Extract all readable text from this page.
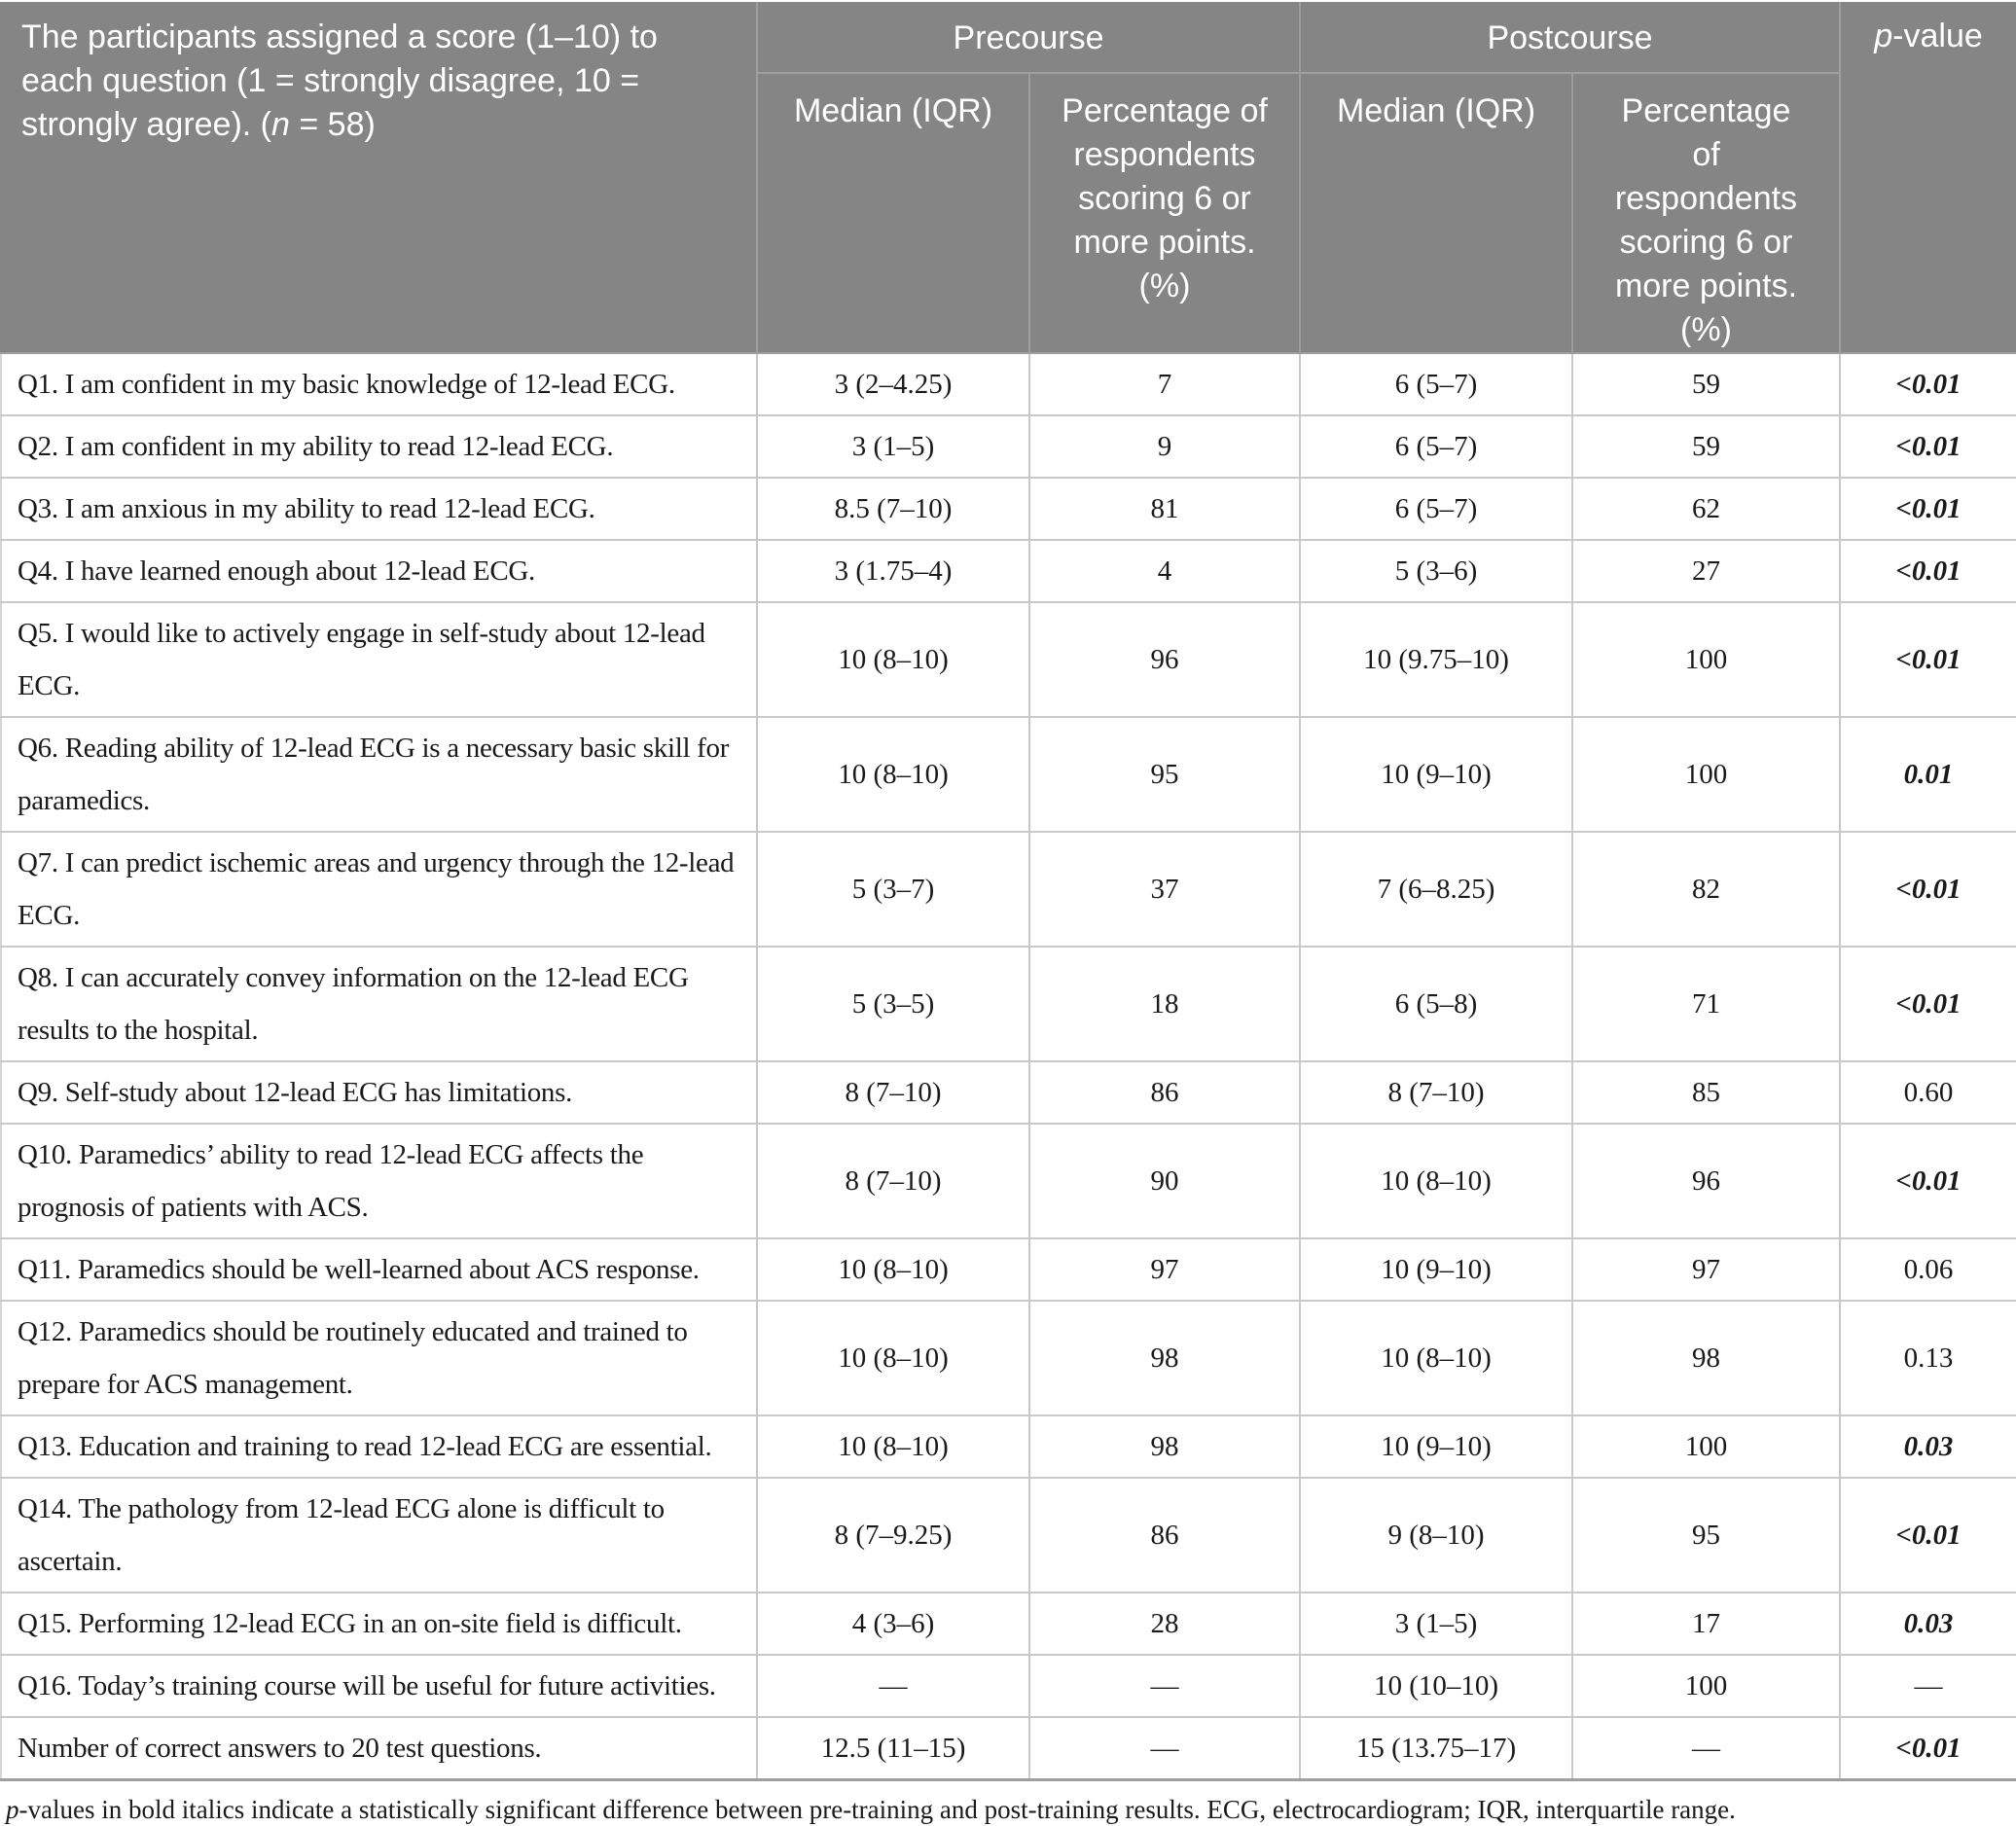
The participants assigned a score (1–10) to each question (1 = strongly disagree, 10 = strongly agree). (n = 58)	Precourse		Postcourse		p-value
	Median (IQR)	Percentage of respondents scoring 6 or more points. (%)	Median (IQR)	Percentage of respondents scoring 6 or more points. (%)	
Q1. I am confident in my basic knowledge of 12-lead ECG.	3 (2–4.25)	7	6 (5–7)	59	<0.01
Q2. I am confident in my ability to read 12-lead ECG.	3 (1–5)	9	6 (5–7)	59	<0.01
Q3. I am anxious in my ability to read 12-lead ECG.	8.5 (7–10)	81	6 (5–7)	62	<0.01
Q4. I have learned enough about 12-lead ECG.	3 (1.75–4)	4	5 (3–6)	27	<0.01
Q5. I would like to actively engage in self-study about 12-lead ECG.	10 (8–10)	96	10 (9.75–10)	100	<0.01
Q6. Reading ability of 12-lead ECG is a necessary basic skill for paramedics.	10 (8–10)	95	10 (9–10)	100	0.01
Q7. I can predict ischemic areas and urgency through the 12-lead ECG.	5 (3–7)	37	7 (6–8.25)	82	<0.01
Q8. I can accurately convey information on the 12-lead ECG results to the hospital.	5 (3–5)	18	6 (5–8)	71	<0.01
Q9. Self-study about 12-lead ECG has limitations.	8 (7–10)	86	8 (7–10)	85	0.60
Q10. Paramedics’ ability to read 12-lead ECG affects the prognosis of patients with ACS.	8 (7–10)	90	10 (8–10)	96	<0.01
Q11. Paramedics should be well-learned about ACS response.	10 (8–10)	97	10 (9–10)	97	0.06
Q12. Paramedics should be routinely educated and trained to prepare for ACS management.	10 (8–10)	98	10 (8–10)	98	0.13
Q13. Education and training to read 12-lead ECG are essential.	10 (8–10)	98	10 (9–10)	100	0.03
Q14. The pathology from 12-lead ECG alone is difficult to ascertain.	8 (7–9.25)	86	9 (8–10)	95	<0.01
Q15. Performing 12-lead ECG in an on-site field is difficult.	4 (3–6)	28	3 (1–5)	17	0.03
Q16. Today’s training course will be useful for future activities.	—	—	10 (10–10)	100	—
Number of correct answers to 20 test questions.	12.5 (11–15)	—	15 (13.75–17)	—	<0.01

p-values in bold italics indicate a statistically significant difference between pre-training and post-training results. ECG, electrocardiogram; IQR, interquartile range.
